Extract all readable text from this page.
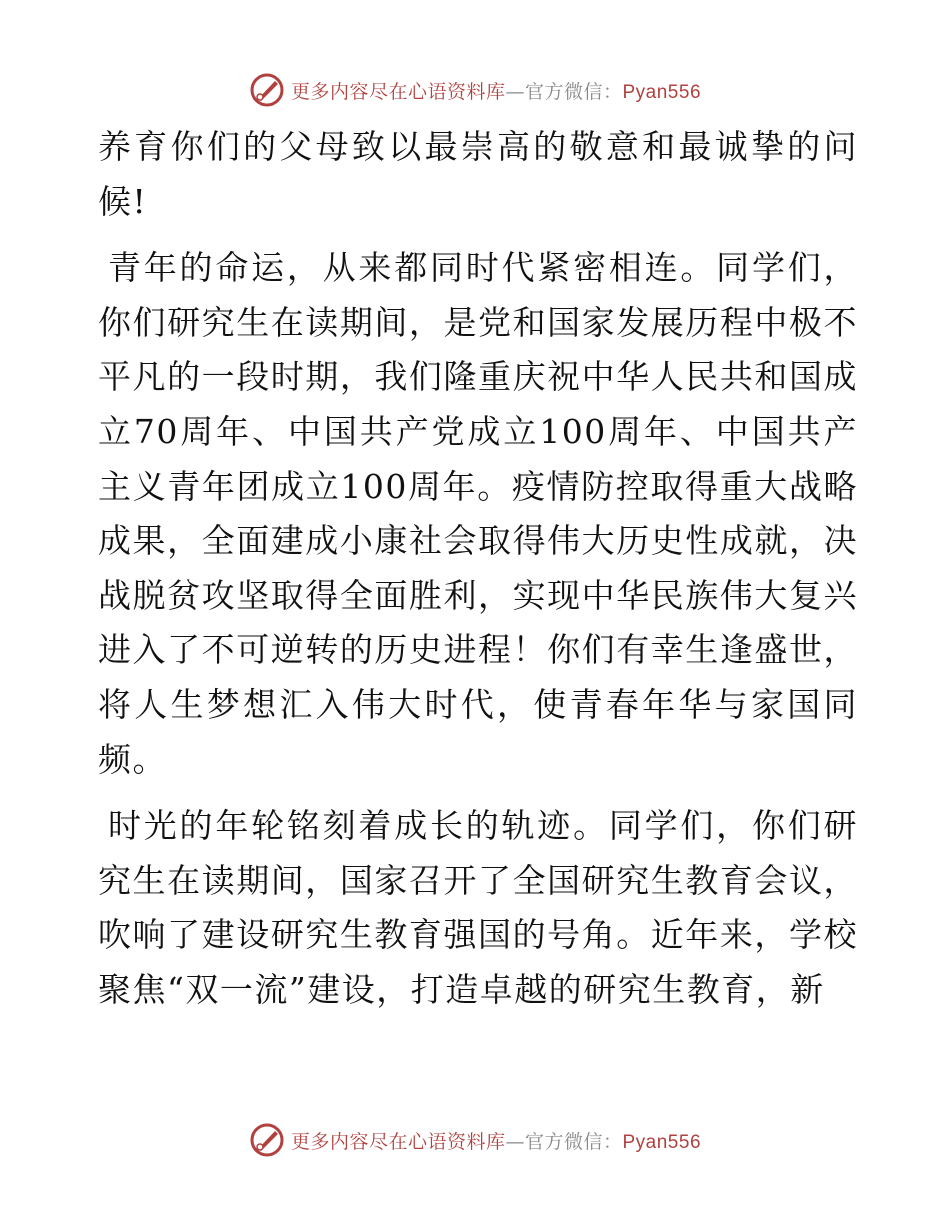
更多内容尽在心语资料库—官方微信：Pyan556

养育你们的父母致以最崇高的敬意和最诚挚的问候!

青年的命运，从来都同时代紧密相连。同学们，你们研究生在读期间，是党和国家发展历程中极不平凡的一段时期，我们隆重庆祝中华人民共和国成立70周年、中国共产党成立100周年、中国共产主义青年团成立100周年。疫情防控取得重大战略成果，全面建成小康社会取得伟大历史性成就，决战脱贫攻坚取得全面胜利，实现中华民族伟大复兴进入了不可逆转的历史进程！你们有幸生逢盛世，将人生梦想汇入伟大时代，使青春年华与家国同频。

时光的年轮铭刻着成长的轨迹。同学们，你们研究生在读期间，国家召开了全国研究生教育会议，吹响了建设研究生教育强国的号角。近年来，学校聚焦“双一流”建设，打造卓越的研究生教育，新

更多内容尽在心语资料库—官方微信：Pyan556
